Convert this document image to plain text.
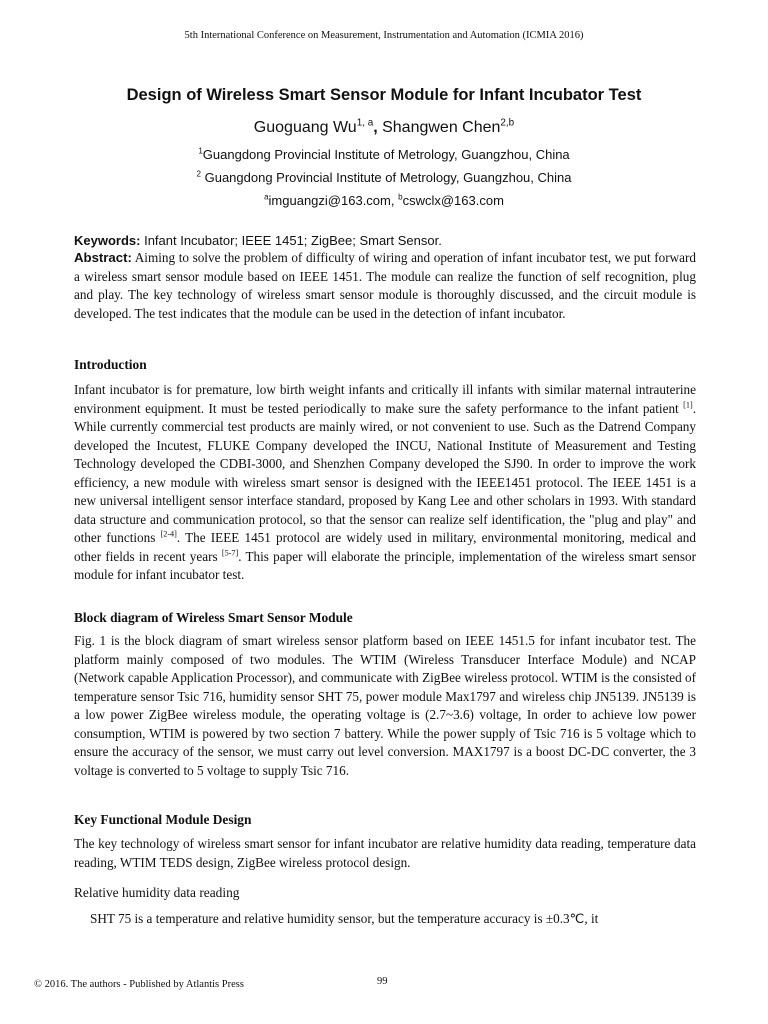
5th International Conference on Measurement, Instrumentation and Automation (ICMIA 2016)
Design of Wireless Smart Sensor Module for Infant Incubator Test
Guoguang Wu$^{1, a}$, Shangwen Chen$^{2,b}$
$^1$Guangdong Provincial Institute of Metrology, Guangzhou, China
$^2$ Guangdong Provincial Institute of Metrology, Guangzhou, China
$^a$imguangzi@163.com, $^b$cswclx@163.com
Keywords: Infant Incubator; IEEE 1451; ZigBee; Smart Sensor.
Abstract: Aiming to solve the problem of difficulty of wiring and operation of infant incubator test, we put forward a wireless smart sensor module based on IEEE 1451. The module can realize the function of self recognition, plug and play. The key technology of wireless smart sensor module is thoroughly discussed, and the circuit module is developed. The test indicates that the module can be used in the detection of infant incubator.
Introduction
Infant incubator is for premature, low birth weight infants and critically ill infants with similar maternal intrauterine environment equipment. It must be tested periodically to make sure the safety performance to the infant patient [1]. While currently commercial test products are mainly wired, or not convenient to use. Such as the Datrend Company developed the Incutest, FLUKE Company developed the INCU, National Institute of Measurement and Testing Technology developed the CDBI-3000, and Shenzhen Company developed the SJ90. In order to improve the work efficiency, a new module with wireless smart sensor is designed with the IEEE1451 protocol. The IEEE 1451 is a new universal intelligent sensor interface standard, proposed by Kang Lee and other scholars in 1993. With standard data structure and communication protocol, so that the sensor can realize self identification, the "plug and play" and other functions [2-4]. The IEEE 1451 protocol are widely used in military, environmental monitoring, medical and other fields in recent years [5-7]. This paper will elaborate the principle, implementation of the wireless smart sensor module for infant incubator test.
Block diagram of Wireless Smart Sensor Module
Fig. 1 is the block diagram of smart wireless sensor platform based on IEEE 1451.5 for infant incubator test. The platform mainly composed of two modules. The WTIM (Wireless Transducer Interface Module) and NCAP (Network capable Application Processor), and communicate with ZigBee wireless protocol. WTIM is the consisted of temperature sensor Tsic 716, humidity sensor SHT 75, power module Max1797 and wireless chip JN5139. JN5139 is a low power ZigBee wireless module, the operating voltage is (2.7~3.6) voltage, In order to achieve low power consumption, WTIM is powered by two section 7 battery. While the power supply of Tsic 716 is 5 voltage which to ensure the accuracy of the sensor, we must carry out level conversion. MAX1797 is a boost DC-DC converter, the 3 voltage is converted to 5 voltage to supply Tsic 716.
Key Functional Module Design
The key technology of wireless smart sensor for infant incubator are relative humidity data reading, temperature data reading, WTIM TEDS design, ZigBee wireless protocol design.
Relative humidity data reading
SHT 75 is a temperature and relative humidity sensor, but the temperature accuracy is ±0.3℃, it
© 2016. The authors - Published by Atlantis Press	99
